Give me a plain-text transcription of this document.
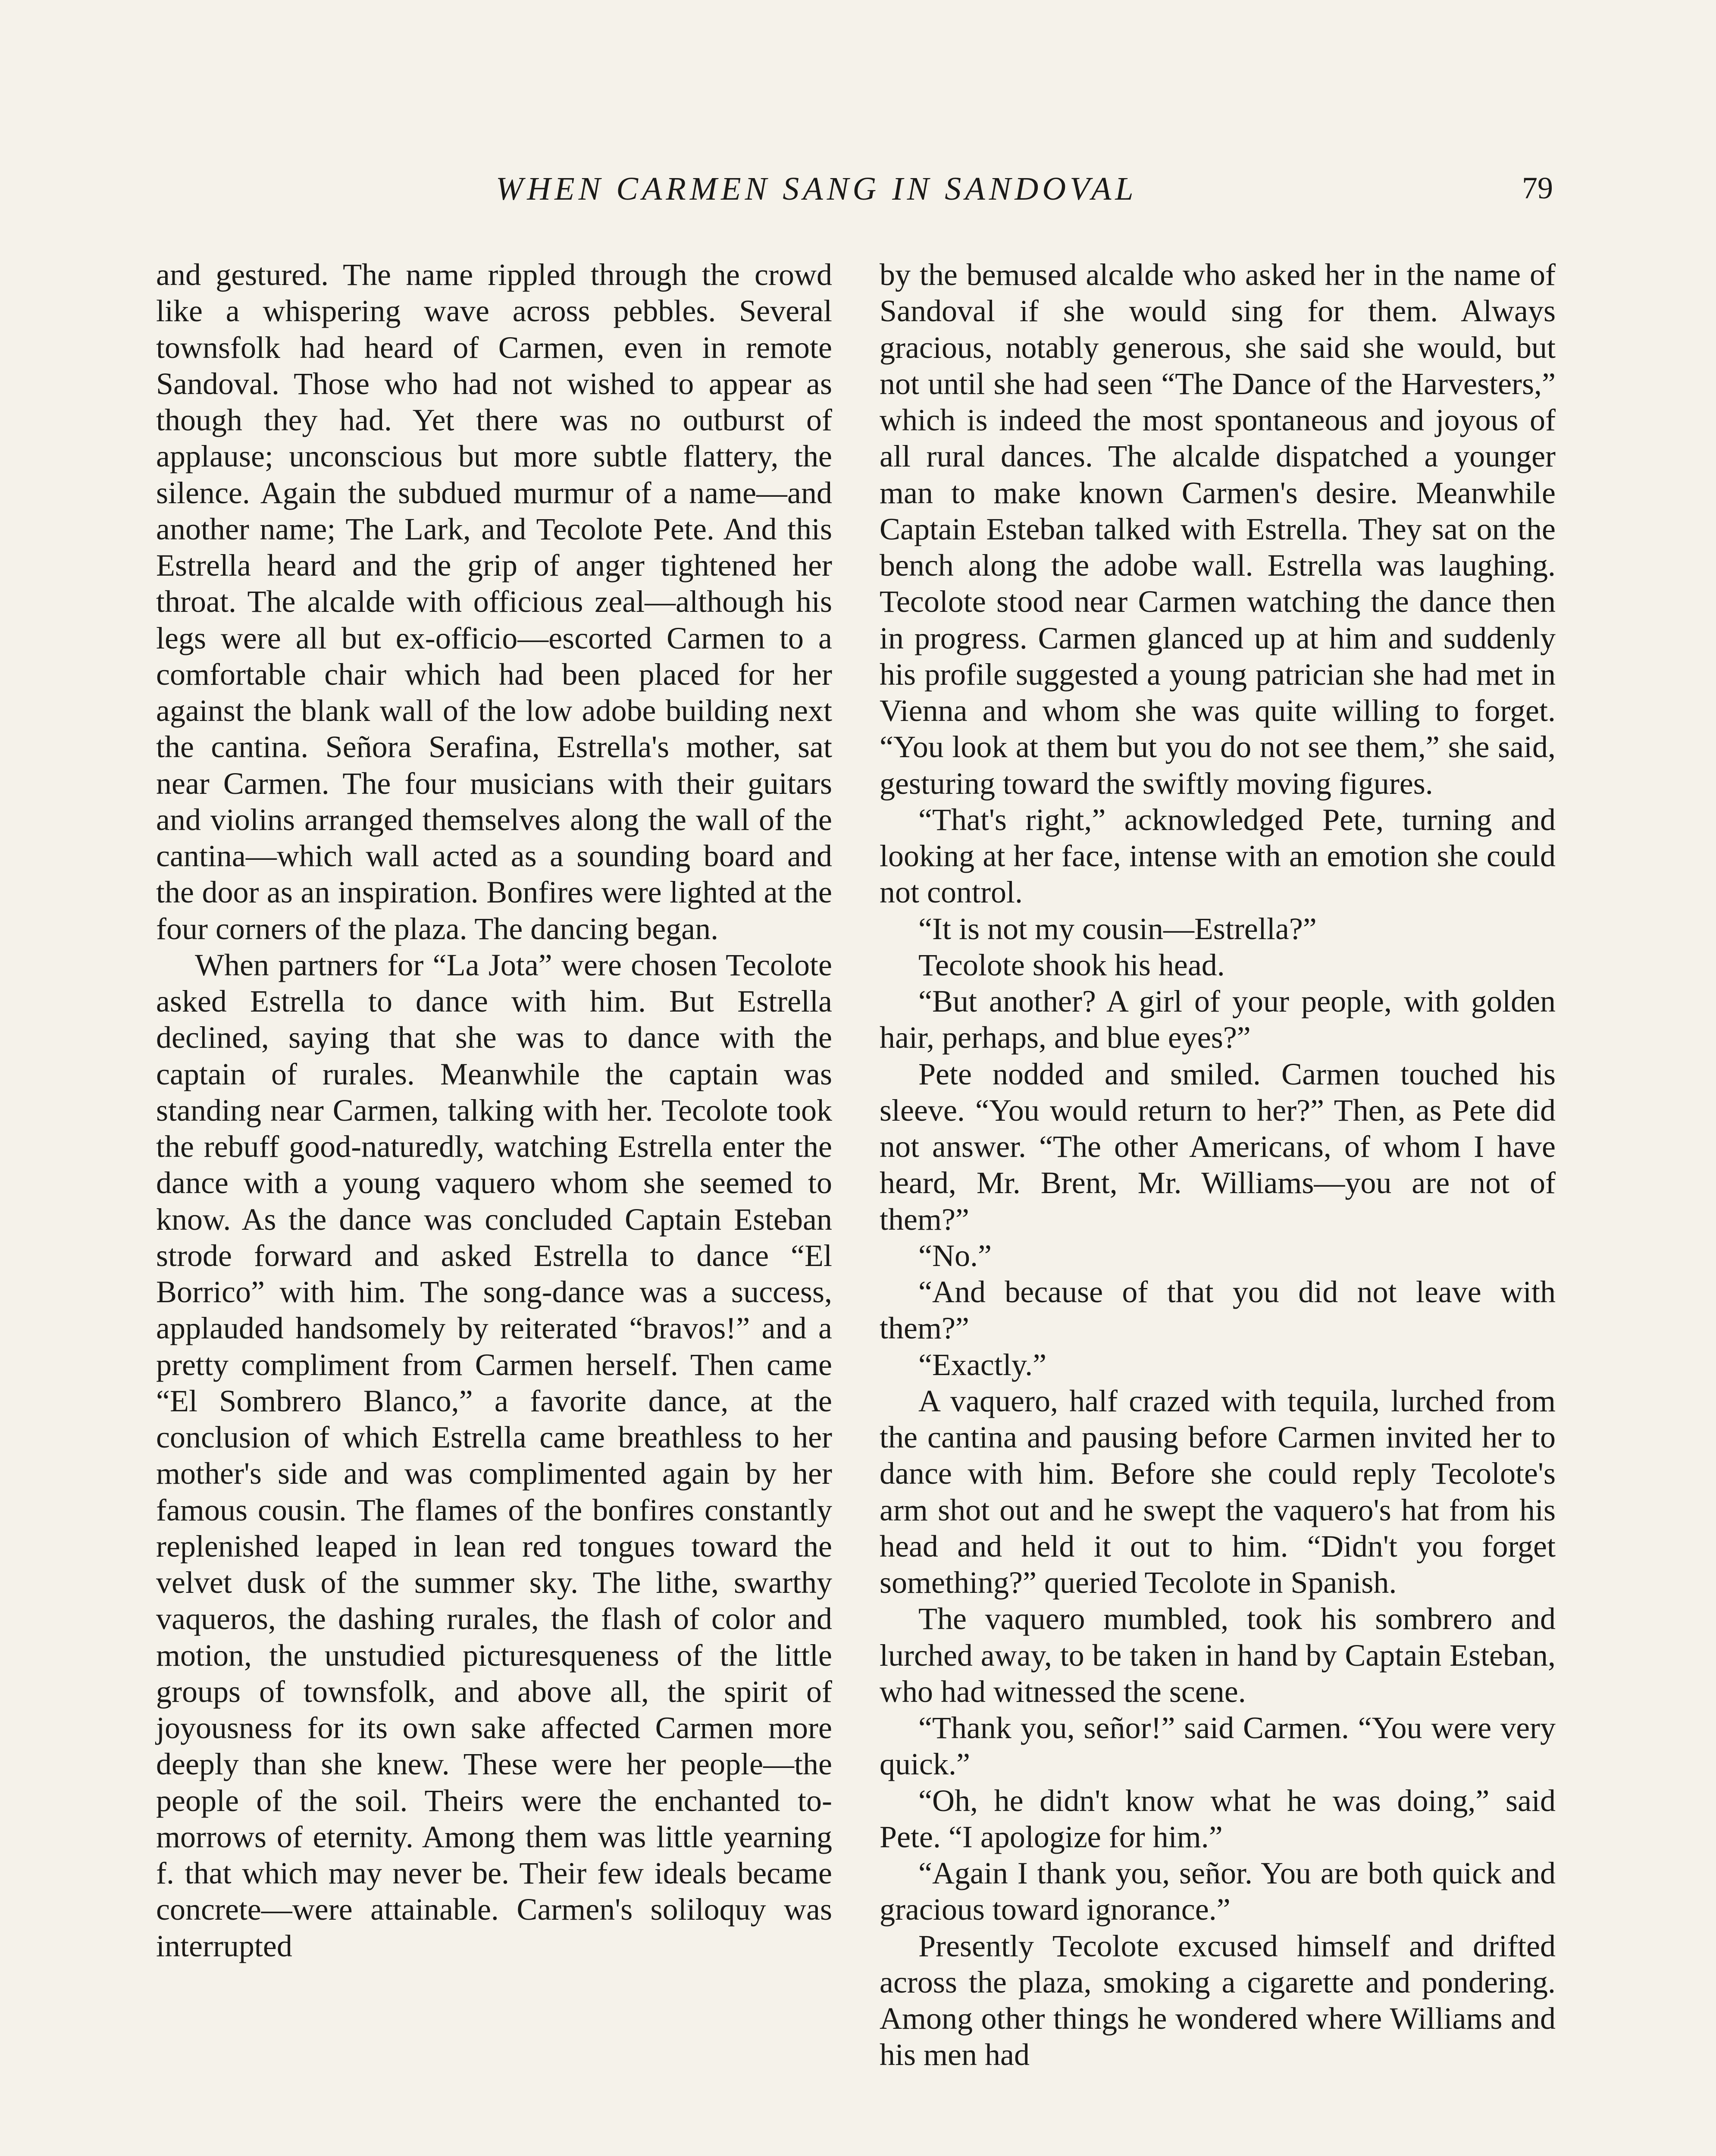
WHEN CARMEN SANG IN SANDOVAL	79

and gestured. The name rippled through the crowd like a whispering wave across pebbles. Several townsfolk had heard of Carmen, even in remote Sandoval. Those who had not wished to appear as though they had. Yet there was no outburst of applause; unconscious but more subtle flattery, the silence. Again the subdued murmur of a name—and another name; The Lark, and Tecolote Pete. And this Estrella heard and the grip of anger tightened her throat. The alcalde with officious zeal—although his legs were all but ex-officio—escorted Carmen to a comfortable chair which had been placed for her against the blank wall of the low adobe building next the cantina. Señora Serafina, Estrella's mother, sat near Carmen. The four musicians with their guitars and violins arranged themselves along the wall of the cantina—which wall acted as a sounding board and the door as an inspiration. Bonfires were lighted at the four corners of the plaza. The dancing began.

When partners for “La Jota” were chosen Tecolote asked Estrella to dance with him. But Estrella declined, saying that she was to dance with the captain of rurales. Meanwhile the captain was standing near Carmen, talking with her. Tecolote took the rebuff good-naturedly, watching Estrella enter the dance with a young vaquero whom she seemed to know. As the dance was concluded Captain Esteban strode forward and asked Estrella to dance “El Borrico” with him. The song-dance was a success, applauded handsomely by reiterated “bravos!” and a pretty compliment from Carmen herself. Then came “El Sombrero Blanco,” a favorite dance, at the conclusion of which Estrella came breathless to her mother's side and was complimented again by her famous cousin. The flames of the bonfires constantly replenished leaped in lean red tongues toward the velvet dusk of the summer sky. The lithe, swarthy vaqueros, the dashing rurales, the flash of color and motion, the unstudied picturesqueness of the little groups of townsfolk, and above all, the spirit of joyousness for its own sake affected Carmen more deeply than she knew. These were her people—the people of the soil. Theirs were the enchanted to-morrows of eternity. Among them was little yearning f. that which may never be. Their few ideals became concrete—were attainable. Carmen's soliloquy was interrupted

by the bemused alcalde who asked her in the name of Sandoval if she would sing for them. Always gracious, notably generous, she said she would, but not until she had seen “The Dance of the Harvesters,” which is indeed the most spontaneous and joyous of all rural dances. The alcalde dispatched a younger man to make known Carmen's desire. Meanwhile Captain Esteban talked with Estrella. They sat on the bench along the adobe wall. Estrella was laughing. Tecolote stood near Carmen watching the dance then in progress. Carmen glanced up at him and suddenly his profile suggested a young patrician she had met in Vienna and whom she was quite willing to forget. “You look at them but you do not see them,” she said, gesturing toward the swiftly moving figures.

“That's right,” acknowledged Pete, turning and looking at her face, intense with an emotion she could not control.

“It is not my cousin—Estrella?”

Tecolote shook his head.

“But another? A girl of your people, with golden hair, perhaps, and blue eyes?”

Pete nodded and smiled. Carmen touched his sleeve. “You would return to her?” Then, as Pete did not answer. “The other Americans, of whom I have heard, Mr. Brent, Mr. Williams—you are not of them?”

“No.”

“And because of that you did not leave with them?”

“Exactly.”

A vaquero, half crazed with tequila, lurched from the cantina and pausing before Carmen invited her to dance with him. Before she could reply Tecolote's arm shot out and he swept the vaquero's hat from his head and held it out to him. “Didn't you forget something?” queried Tecolote in Spanish.

The vaquero mumbled, took his sombrero and lurched away, to be taken in hand by Captain Esteban, who had witnessed the scene.

“Thank you, señor!” said Carmen. “You were very quick.”

“Oh, he didn't know what he was doing,” said Pete. “I apologize for him.”

“Again I thank you, señor. You are both quick and gracious toward ignorance.”

Presently Tecolote excused himself and drifted across the plaza, smoking a cigarette and pondering. Among other things he wondered where Williams and his men had
